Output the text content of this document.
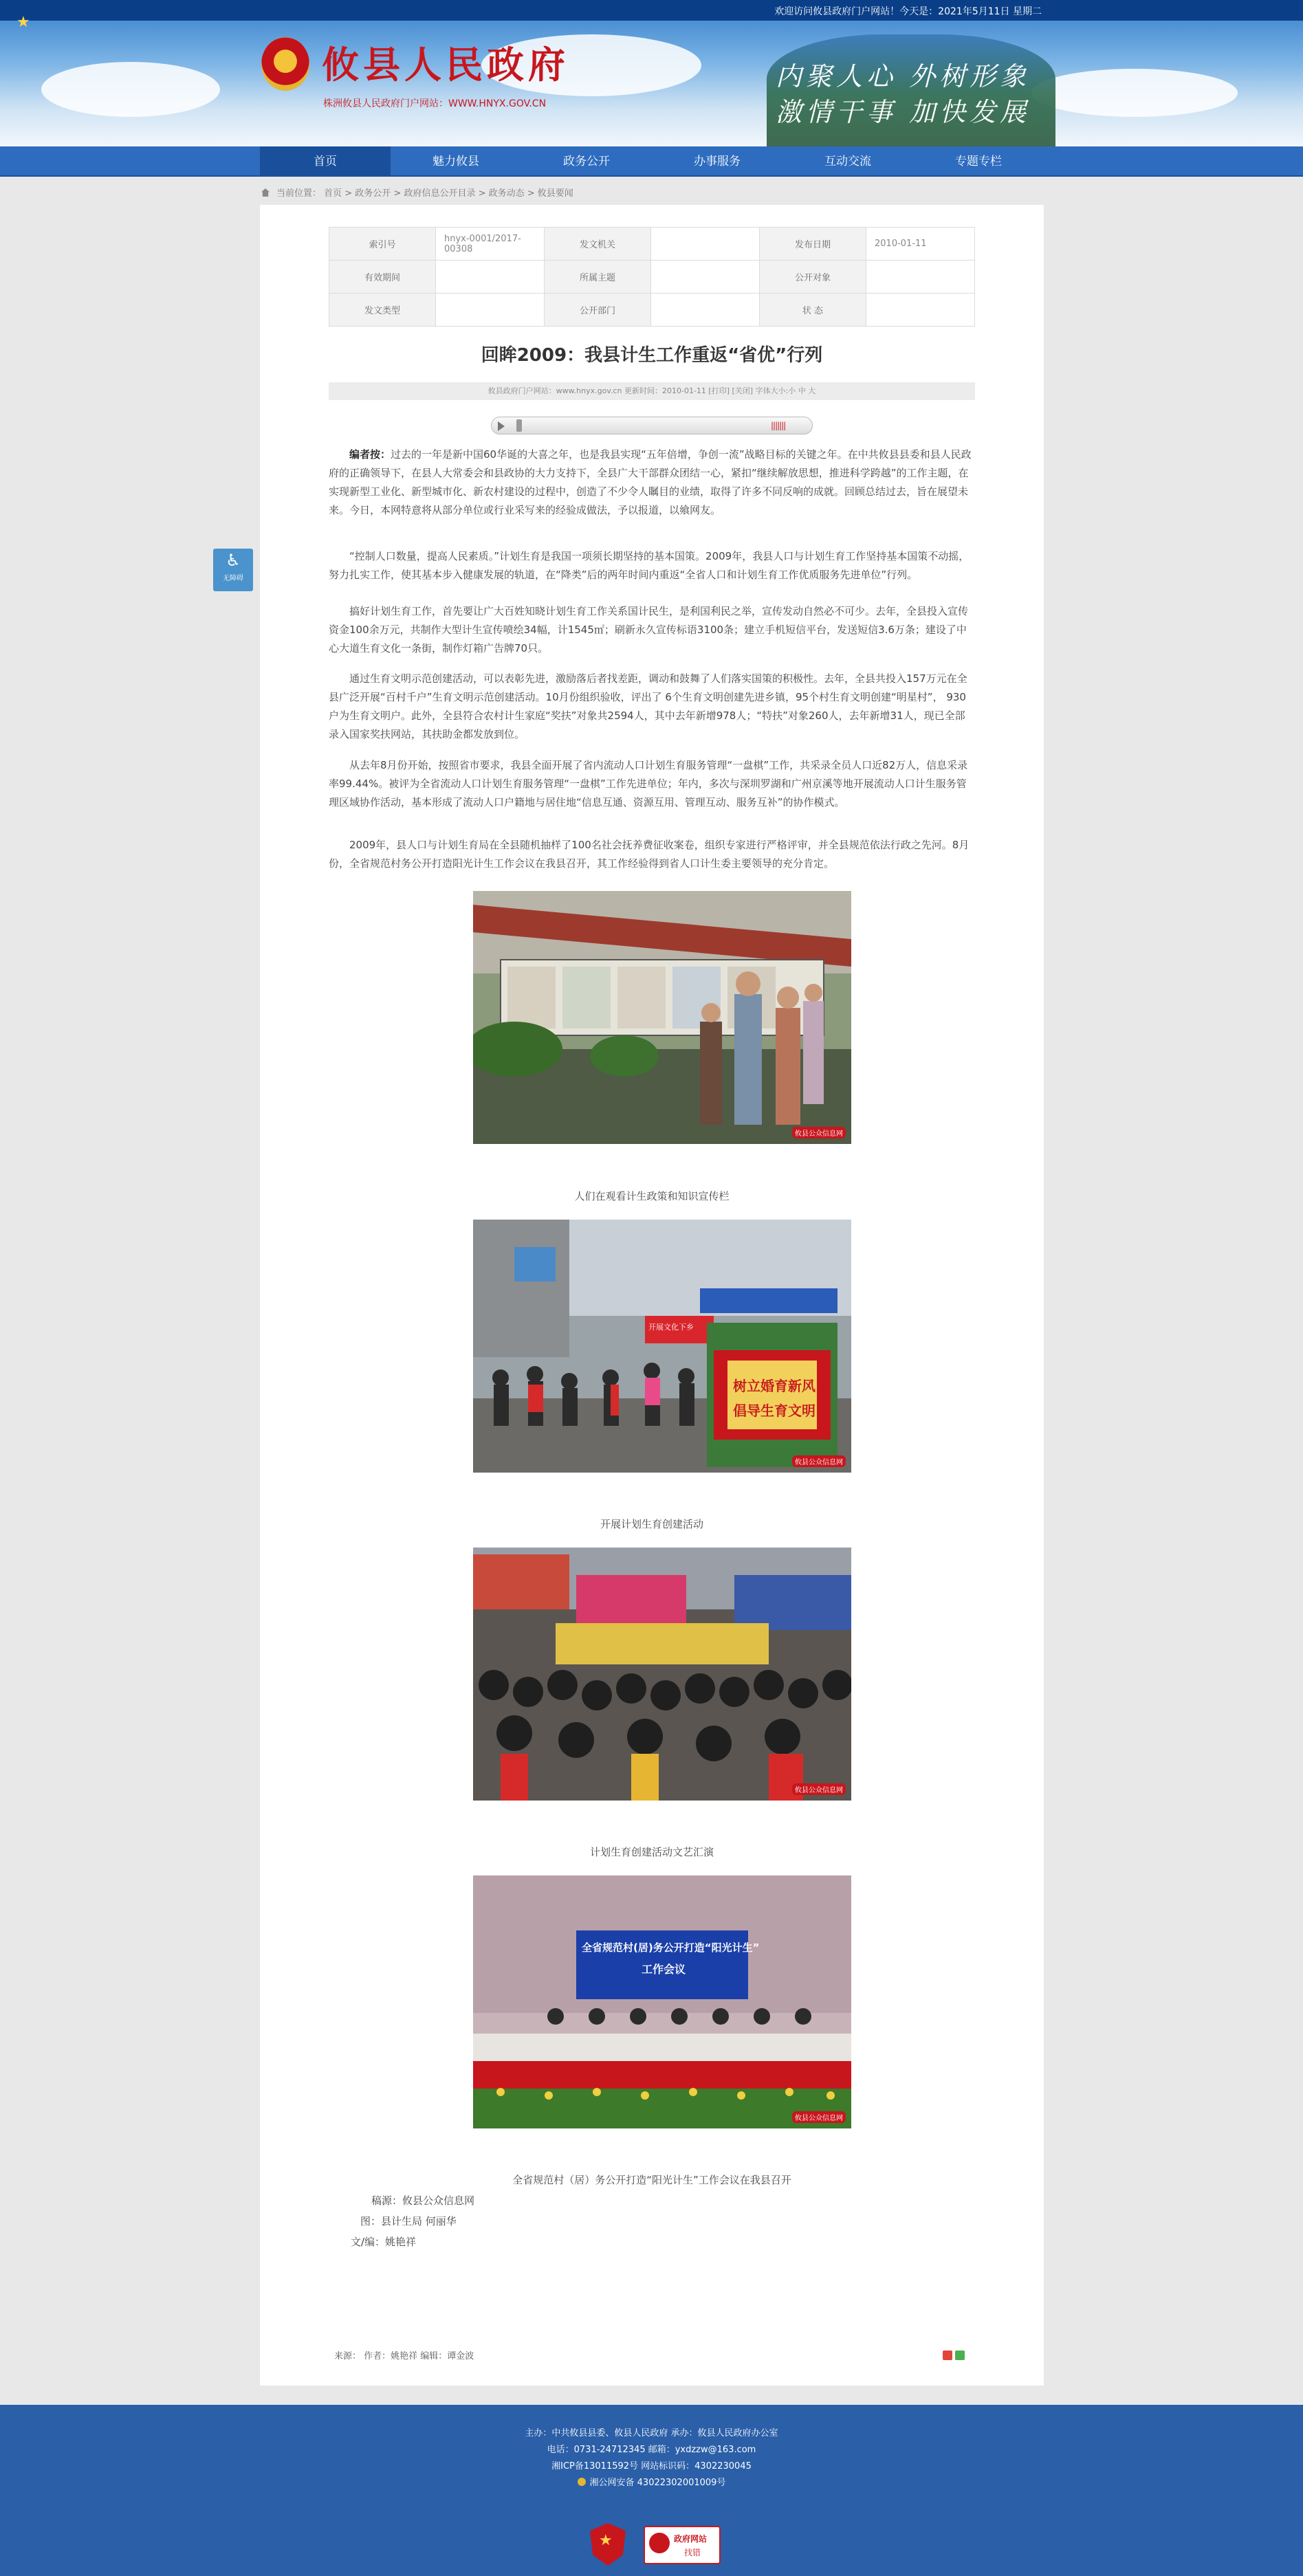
欢迎访问攸县政府门户网站！今天是：2021年5月11日 星期二
★
攸县人民政府
株洲攸县人民政府门户网站：WWW.HNYX.GOV.CN
内聚人心 外树形象
激情干事 加快发展
首页	魅力攸县	政务公开	办事服务	互动交流	专题专栏
当前位置： 首页 > 政务公开 > 政府信息公开目录 > 政务动态 > 攸县要闻
♿
无障碍
索引号	hnyx-0001/2017-00308	发文机关		发布日期	2010-01-11
有效期间		所属主题		公开对象	
发文类型		公开部门		状 态	
回眸2009：我县计生工作重返“省优”行列
攸县政府门户网站：www.hnyx.gov.cn 更新时间：2010-01-11 [打印] [关闭] 字体大小:小 中 大
|||||||

编者按：过去的一年是新中国60华诞的大喜之年，也是我县实现“五年倍增，争创一流”战略目标的关键之年。在中共攸县县委和县人民政府的正确领导下，在县人大常委会和县政协的大力支持下，全县广大干部群众团结一心，紧扣“继续解放思想，推进科学跨越”的工作主题，在实现新型工业化、新型城市化、新农村建设的过程中，创造了不少令人瞩目的业绩，取得了许多不同反响的成就。回顾总结过去，旨在展望未来。今日，本网特意将从部分单位或行业采写来的经验成做法，予以报道，以飨网友。

“控制人口数量，提高人民素质。”计划生育是我国一项须长期坚持的基本国策。2009年，我县人口与计划生育工作坚持基本国策不动摇，努力扎实工作，使其基本步入健康发展的轨道，在“降类”后的两年时间内重返“全省人口和计划生育工作优质服务先进单位”行列。

搞好计划生育工作，首先要让广大百姓知晓计划生育工作关系国计民生，是利国利民之举，宣传发动自然必不可少。去年，全县投入宣传资金100余万元，共制作大型计生宣传喷绘34幅，计1545㎡；刷新永久宣传标语3100条；建立手机短信平台，发送短信3.6万条；建设了中心大道生育文化一条街，制作灯箱广告牌70只。

通过生育文明示范创建活动，可以表彰先进，激励落后者找差距，调动和鼓舞了人们落实国策的积极性。去年，全县共投入157万元在全县广泛开展“百村千户”生育文明示范创建活动。10月份组织验收，评出了 6个生育文明创建先进乡镇，95个村生育文明创建“明星村”， 930户为生育文明户。此外，全县符合农村计生家庭“奖扶”对象共2594人，其中去年新增978人；“特扶”对象260人，去年新增31人，现已全部录入国家奖扶网站，其扶助金都发放到位。

从去年8月份开始，按照省市要求，我县全面开展了省内流动人口计划生育服务管理“一盘棋”工作，共采录全员人口近82万人，信息采录率99.44%。被评为全省流动人口计划生育服务管理“一盘棋”工作先进单位；年内，多次与深圳罗湖和广州京溪等地开展流动人口计生服务管理区域协作活动，基本形成了流动人口户籍地与居住地“信息互通、资源互用、管理互动、服务互补”的协作模式。

2009年，县人口与计划生育局在全县随机抽样了100名社会抚养费征收案卷，组织专家进行严格评审，并全县规范依法行政之先河。8月份，全省规范村务公开打造阳光计生工作会议在我县召开，其工作经验得到省人口计生委主要领导的充分肯定。

攸县公众信息网
人们在观看计生政策和知识宣传栏
开展文化下乡
树立婚育新风
倡导生育文明
攸县公众信息网
开展计划生育创建活动
攸县公众信息网
计划生育创建活动文艺汇演
全省规范村(居)务公开打造“阳光计生”
工作会议
攸县公众信息网
全省规范村（居）务公开打造“阳光计生”工作会议在我县召开
稿源：攸县公众信息网
图：县计生局 何丽华
文/编：姚艳祥
来源： 作者：姚艳祥 编辑：谭金波
主办：中共攸县县委、攸县人民政府 承办：攸县人民政府办公室
电话：0731-24712345 邮箱：yxdzzw@163.com
湘ICP备13011592号 网站标识码：4302230045
湘公网安备 43022302001009号
★	政府网站
找错
